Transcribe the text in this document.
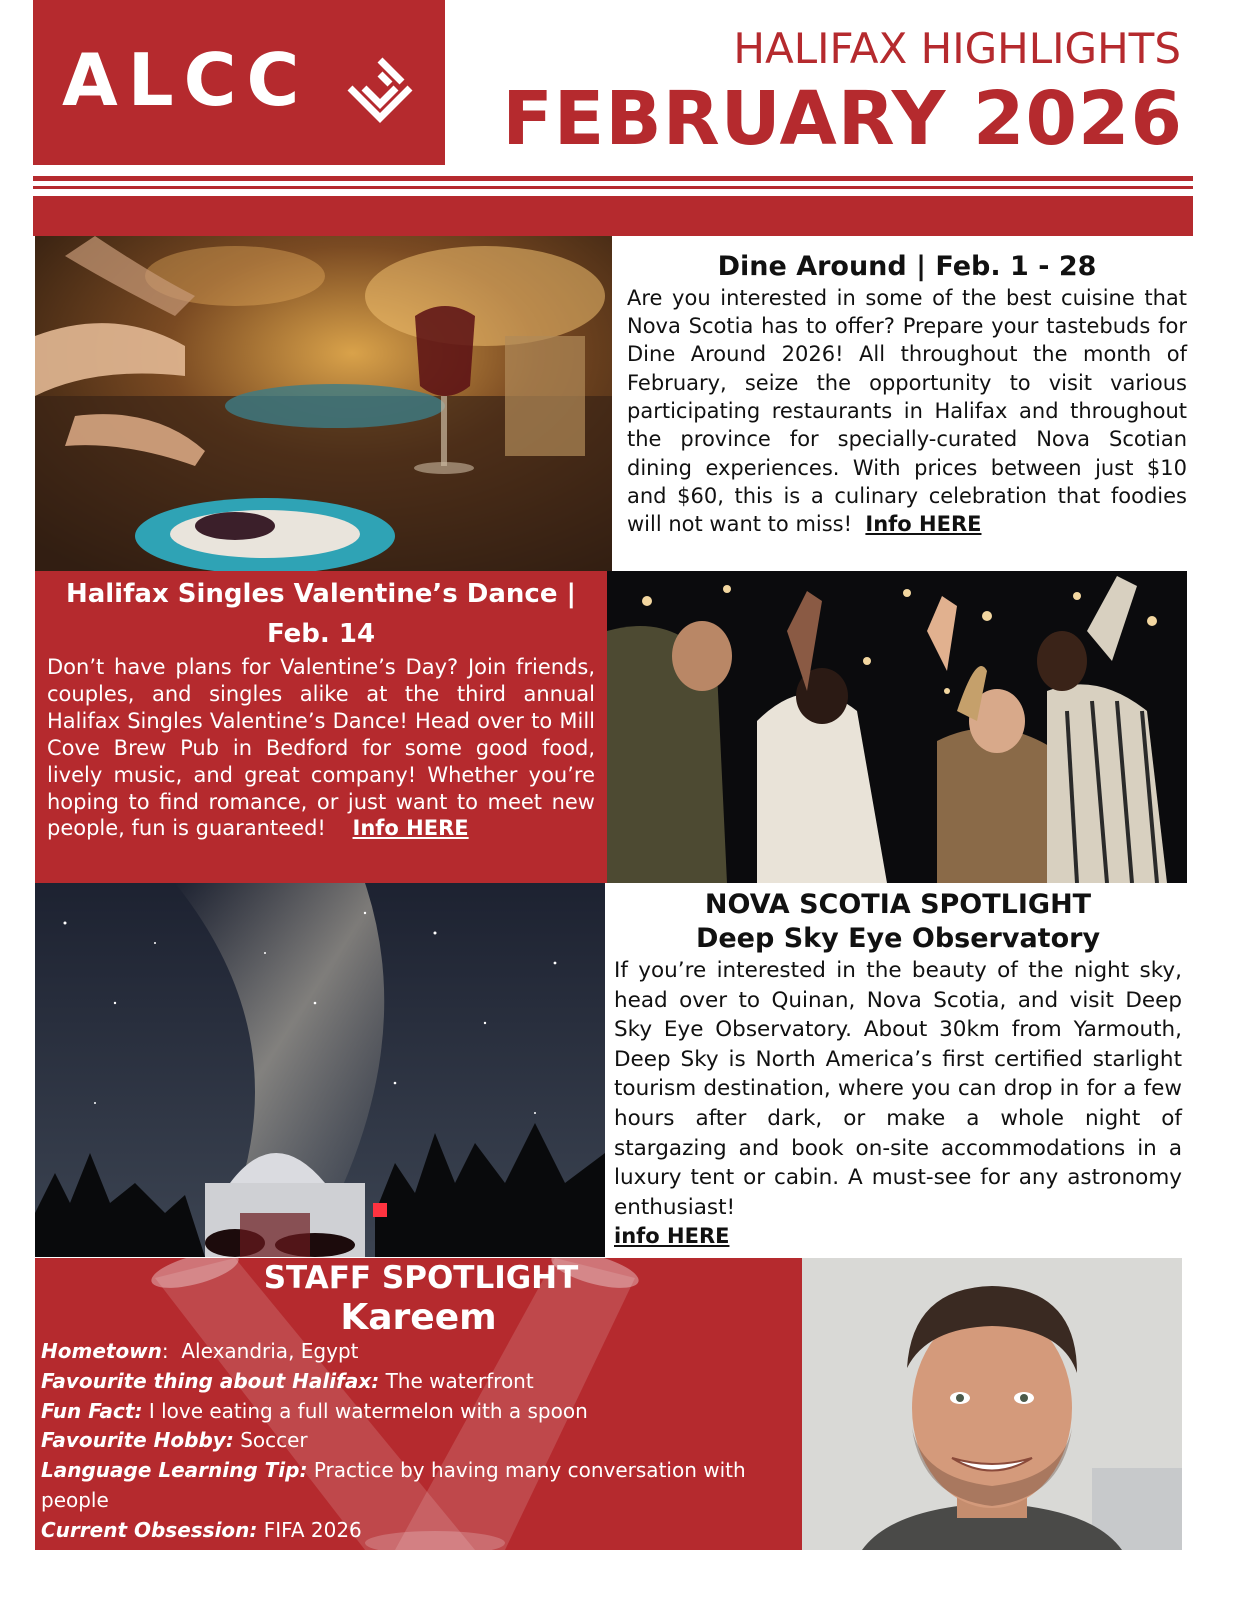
ALCC	HALIFAX HIGHLIGHTS
FEBRUARY 2026
Dine Around | Feb. 1 - 28

Are you interested in some of the best cuisine that Nova Scotia has to offer? Prepare your tastebuds for Dine Around 2026! All throughout the month of February, seize the opportunity to visit various participating restaurants in Halifax and throughout the province for specially-curated Nova Scotian dining experiences. With prices between just $10 and $60, this is a culinary celebration that foodies will not want to miss! Info HERE

Halifax Singles Valentine’s Dance | Feb. 14

Don’t have plans for Valentine’s Day? Join friends, couples, and singles alike at the third annual Halifax Singles Valentine’s Dance! Head over to Mill Cove Brew Pub in Bedford for some good food, lively music, and great company! Whether you’re hoping to find romance, or just want to meet new people, fun is guaranteed! Info HERE

NOVA SCOTIA SPOTLIGHT
Deep Sky Eye Observatory

If you’re interested in the beauty of the night sky, head over to Quinan, Nova Scotia, and visit Deep Sky Eye Observatory. About 30km from Yarmouth, Deep Sky is North America’s first certified starlight tourism destination, where you can drop in for a few hours after dark, or make a whole night of stargazing and book on-site accommodations in a luxury tent or cabin. A must-see for any astronomy enthusiast!

info HERE
STAFF SPOTLIGHT
Kareem
Hometown: Alexandria, Egypt
Favourite thing about Halifax: The waterfront
Fun Fact: I love eating a full watermelon with a spoon
Favourite Hobby: Soccer
Language Learning Tip: Practice by having many conversation with people
Current Obsession: FIFA 2026
